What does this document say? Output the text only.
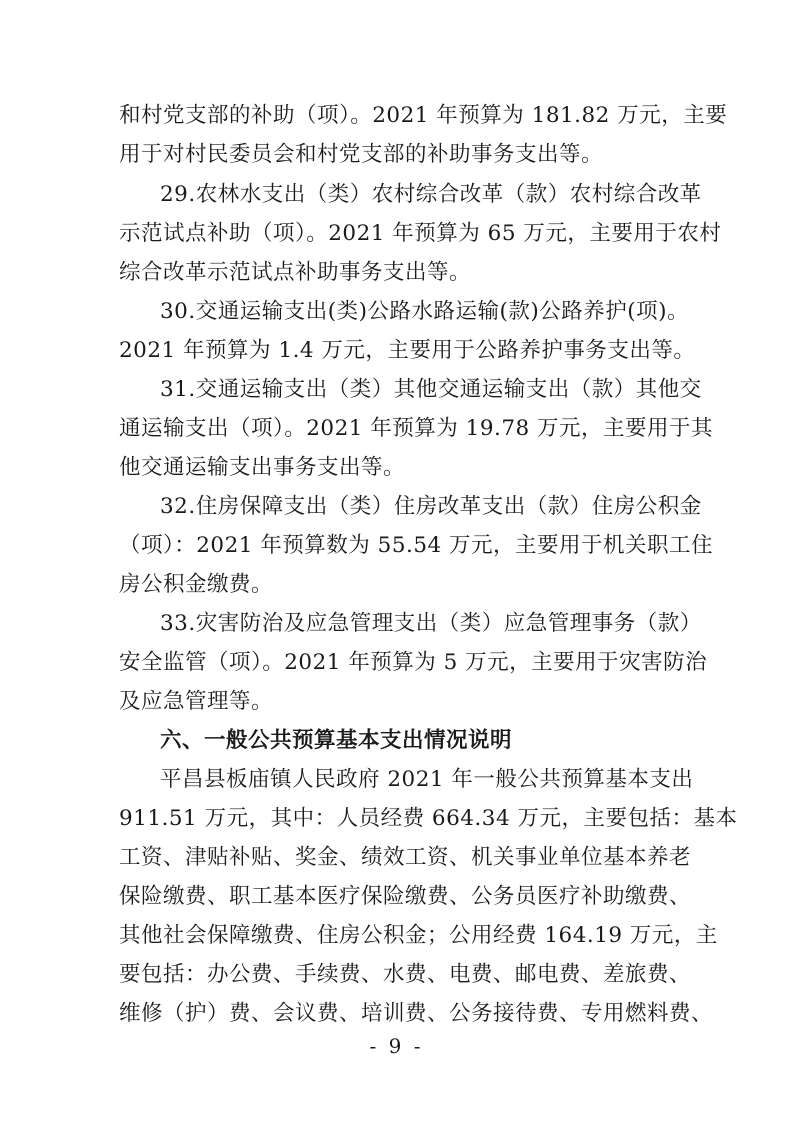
和村党支部的补助（项）。2021 年预算为 181.82 万元，主要
用于对村民委员会和村党支部的补助事务支出等。
29.农林水支出（类）农村综合改革（款）农村综合改革
示范试点补助（项）。2021 年预算为 65 万元，主要用于农村
综合改革示范试点补助事务支出等。
30.交通运输支出(类)公路水路运输(款)公路养护(项)。
2021 年预算为 1.4 万元，主要用于公路养护事务支出等。
31.交通运输支出（类）其他交通运输支出（款）其他交
通运输支出（项）。2021 年预算为 19.78 万元，主要用于其
他交通运输支出事务支出等。
32.住房保障支出（类）住房改革支出（款）住房公积金
（项）：2021 年预算数为 55.54 万元，主要用于机关职工住
房公积金缴费。
33.灾害防治及应急管理支出（类）应急管理事务（款）
安全监管（项）。2021 年预算为 5 万元，主要用于灾害防治
及应急管理等。
六、一般公共预算基本支出情况说明
平昌县板庙镇人民政府 2021 年一般公共预算基本支出
911.51 万元，其中：人员经费 664.34 万元，主要包括：基本
工资、津贴补贴、奖金、绩效工资、机关事业单位基本养老
保险缴费、职工基本医疗保险缴费、公务员医疗补助缴费、
其他社会保障缴费、住房公积金；公用经费 164.19 万元，主
要包括：办公费、手续费、水费、电费、邮电费、差旅费、
维修（护）费、会议费、培训费、公务接待费、专用燃料费、
- 9 -
